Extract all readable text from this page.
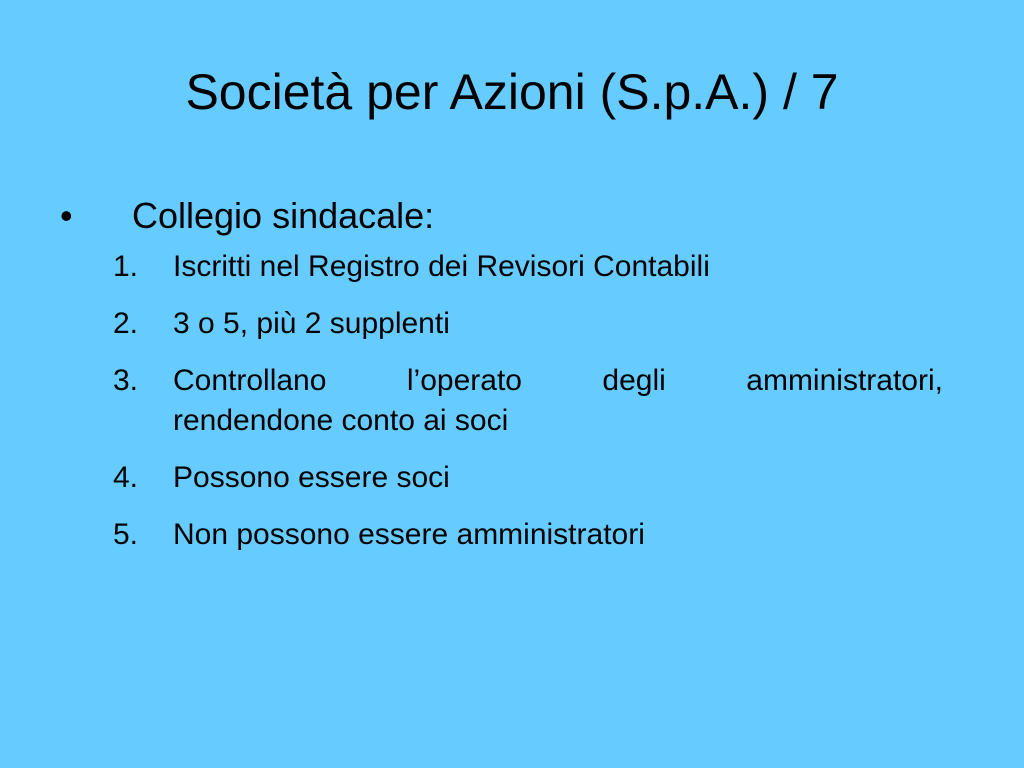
Società per Azioni (S.p.A.) / 7
•	Collegio sindacale:
1.	Iscritti nel Registro dei Revisori Contabili
2.	3 o 5, più 2 supplenti
3.	Controllano	l’operato	degli	amministratori,
rendendone conto ai soci
4.	Possono essere soci
5.	Non possono essere amministratori
